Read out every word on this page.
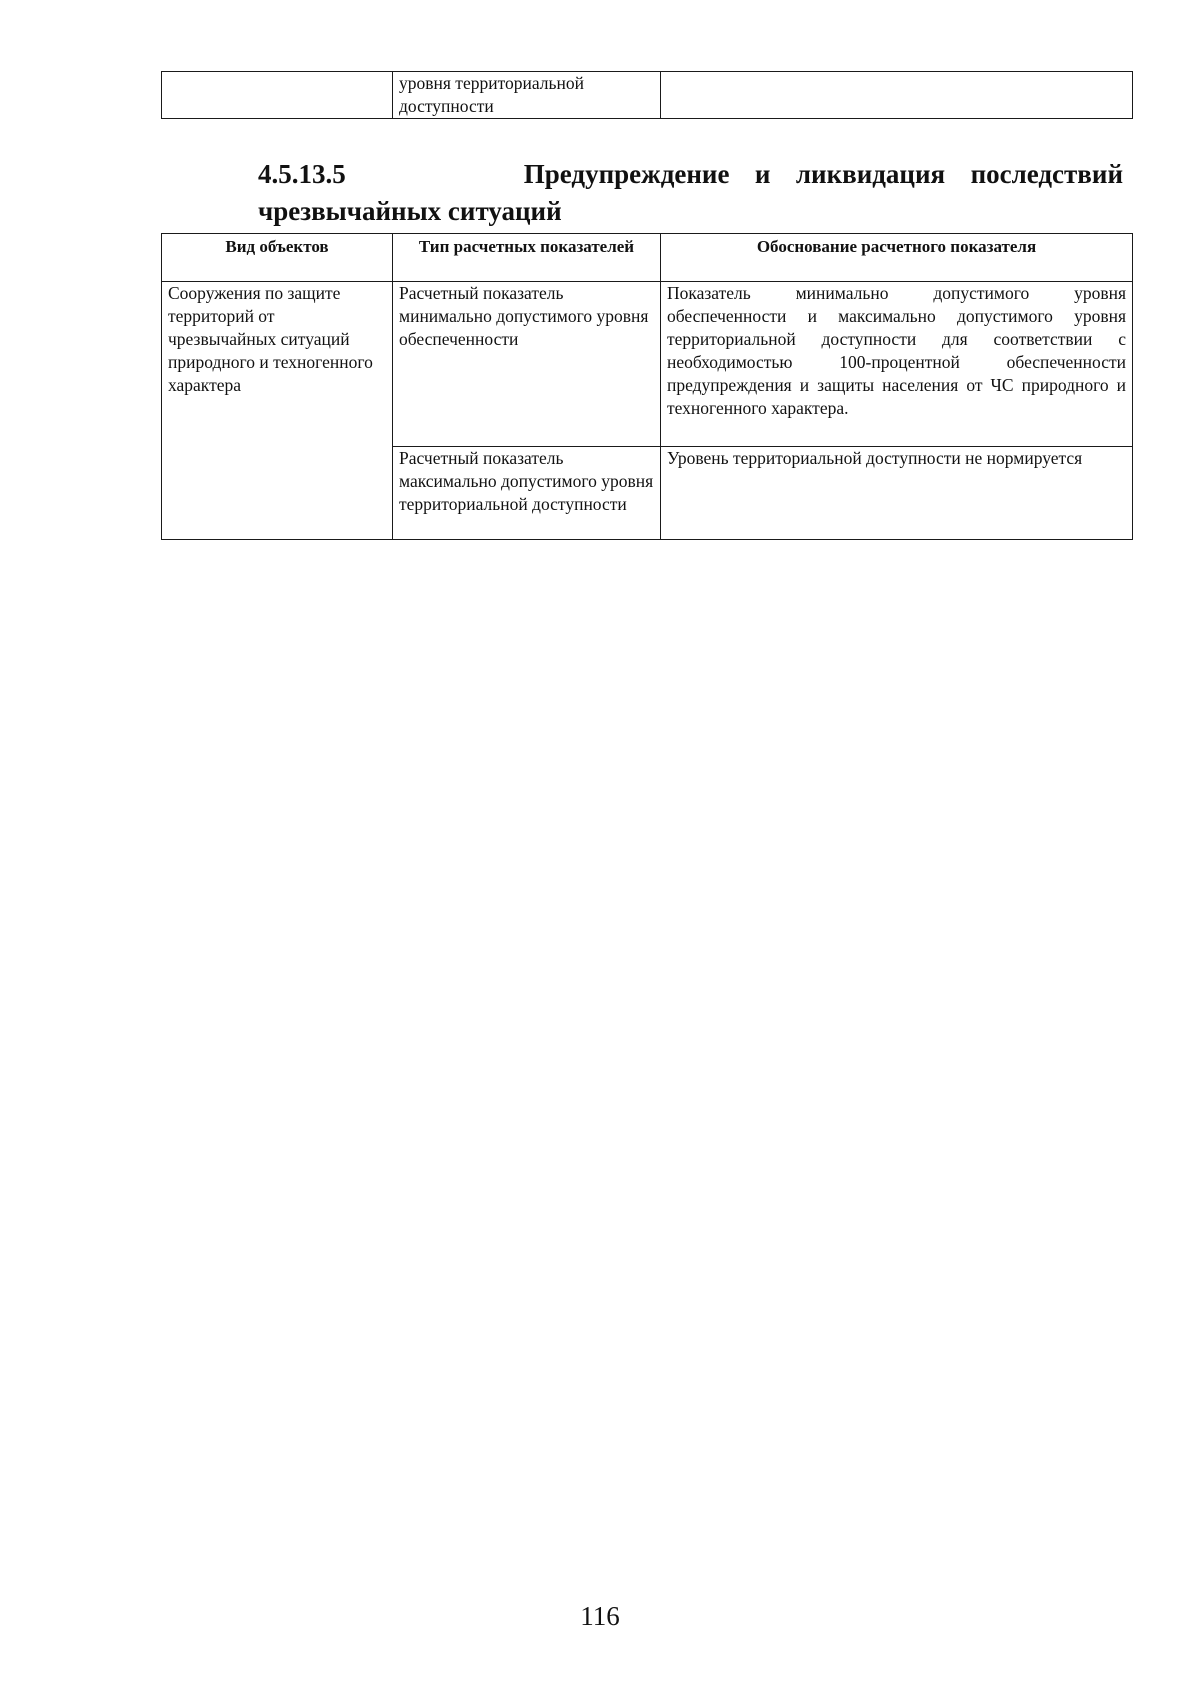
	уровня территориальной доступности	
4.5.13.5	Предупреждение и ликвидация последствий чрезвычайных ситуаций
Вид объектов	Тип расчетных показателей	Обоснование расчетного показателя
Сооружения по защите территорий от чрезвычайных ситуаций природного и техногенного характера	Расчетный показатель минимально допустимого уровня обеспеченности	Показатель минимально допустимого уровня обеспеченности и максимально допустимого уровня территориальной доступности для соответствии с необходимостью 100-процентной обеспеченности предупреждения и защиты населения от ЧС природного и техногенного характера.
	Расчетный показатель максимально допустимого уровня территориальной доступности	Уровень территориальной доступности не нормируется
116
